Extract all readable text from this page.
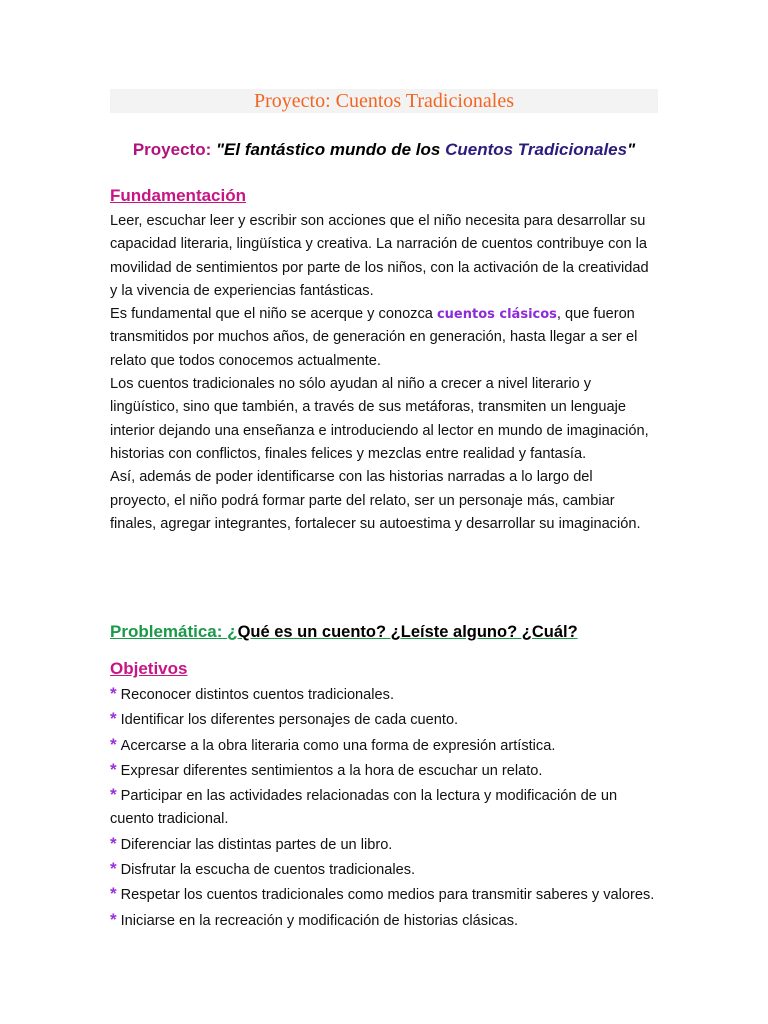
Proyecto: Cuentos Tradicionales
Proyecto: "El fantástico mundo de los Cuentos Tradicionales"
Fundamentación

Leer, escuchar leer y escribir son acciones que el niño necesita para desarrollar su capacidad literaria, lingüística y creativa. La narración de cuentos contribuye con la movilidad de sentimientos por parte de los niños, con la activación de la creatividad y la vivencia de experiencias fantásticas.

Es fundamental que el niño se acerque y conozca cuentos clásicos, que fueron transmitidos por muchos años, de generación en generación, hasta llegar a ser el relato que todos conocemos actualmente.

Los cuentos tradicionales no sólo ayudan al niño a crecer a nivel literario y lingüístico, sino que también, a través de sus metáforas, transmiten un lenguaje interior dejando una enseñanza e introduciendo al lector en mundo de imaginación, historias con conflictos, finales felices y mezclas entre realidad y fantasía.

Así, además de poder identificarse con las historias narradas a lo largo del proyecto, el niño podrá formar parte del relato, ser un personaje más, cambiar finales, agregar integrantes, fortalecer su autoestima y desarrollar su imaginación.

Problemática: ¿Qué es un cuento? ¿Leíste alguno? ¿Cuál?
Objetivos
* Reconocer distintos cuentos tradicionales.
* Identificar los diferentes personajes de cada cuento.
* Acercarse a la obra literaria como una forma de expresión artística.
* Expresar diferentes sentimientos a la hora de escuchar un relato.
* Participar en las actividades relacionadas con la lectura y modificación de un cuento tradicional.
* Diferenciar las distintas partes de un libro.
* Disfrutar la escucha de cuentos tradicionales.
* Respetar los cuentos tradicionales como medios para transmitir saberes y valores.
* Iniciarse en la recreación y modificación de historias clásicas.
